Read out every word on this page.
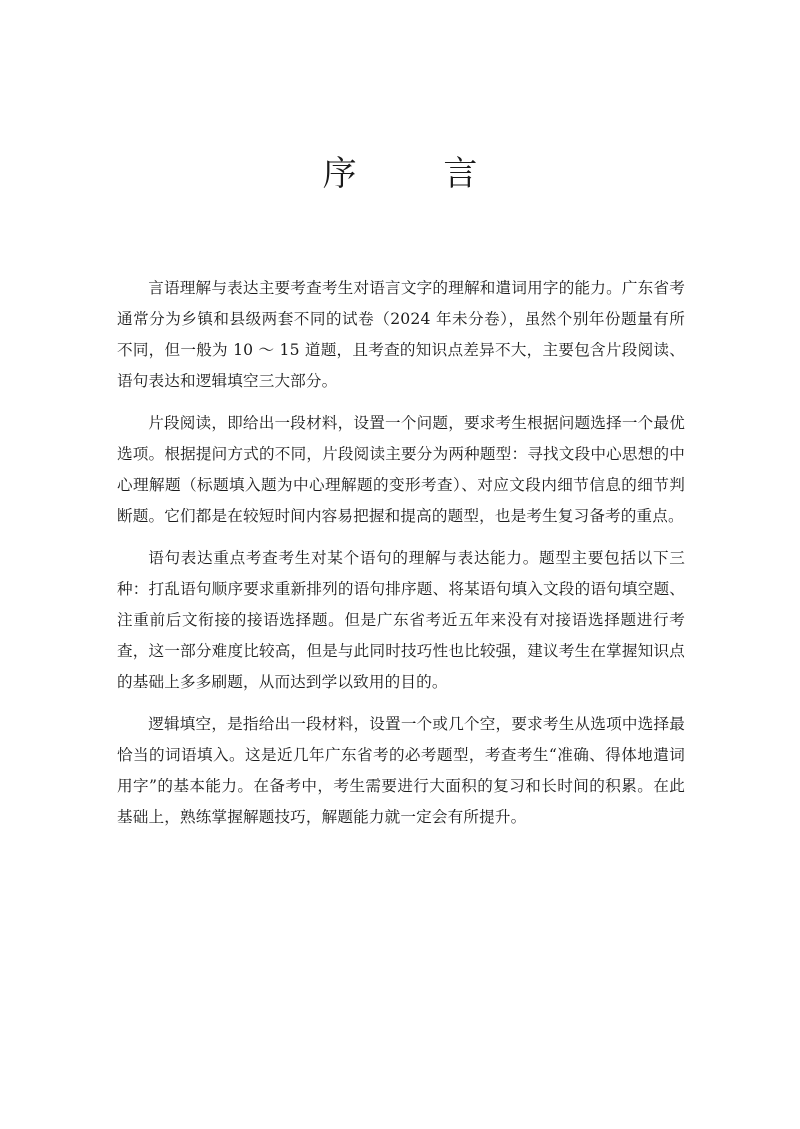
序 言

言语理解与表达主要考查考生对语言文字的理解和遣词用字的能力。广东省考通常分为乡镇和县级两套不同的试卷（2024 年未分卷），虽然个别年份题量有所不同，但一般为 10 ～ 15 道题，且考查的知识点差异不大，主要包含片段阅读、语句表达和逻辑填空三大部分。

片段阅读，即给出一段材料，设置一个问题，要求考生根据问题选择一个最优选项。根据提问方式的不同，片段阅读主要分为两种题型：寻找文段中心思想的中心理解题（标题填入题为中心理解题的变形考查）、对应文段内细节信息的细节判断题。它们都是在较短时间内容易把握和提高的题型，也是考生复习备考的重点。

语句表达重点考查考生对某个语句的理解与表达能力。题型主要包括以下三种：打乱语句顺序要求重新排列的语句排序题、将某语句填入文段的语句填空题、注重前后文衔接的接语选择题。但是广东省考近五年来没有对接语选择题进行考查，这一部分难度比较高，但是与此同时技巧性也比较强，建议考生在掌握知识点的基础上多多刷题，从而达到学以致用的目的。

逻辑填空，是指给出一段材料，设置一个或几个空，要求考生从选项中选择最恰当的词语填入。这是近几年广东省考的必考题型，考查考生“准确、得体地遣词用字”的基本能力。在备考中，考生需要进行大面积的复习和长时间的积累。在此基础上，熟练掌握解题技巧，解题能力就一定会有所提升。
